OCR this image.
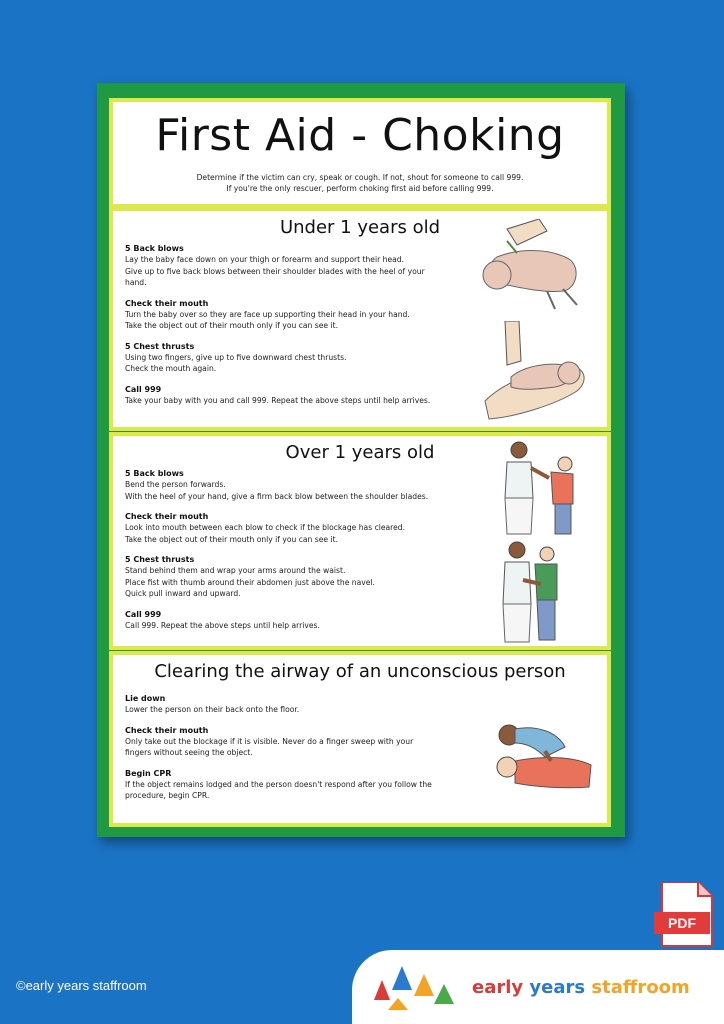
First Aid - Choking
Determine if the victim can cry, speak or cough. If not, shout for someone to call 999.
If you're the only rescuer, perform choking first aid before calling 999.
Under 1 years old
5 Back blows
Lay the baby face down on your thigh or forearm and support their head.
Give up to five back blows between their shoulder blades with the heel of your
hand.
Check their mouth
Turn the baby over so they are face up supporting their head in your hand.
Take the object out of their mouth only if you can see it.
5 Chest thrusts
Using two fingers, give up to five downward chest thrusts.
Check the mouth again.
Call 999
Take your baby with you and call 999. Repeat the above steps until help arrives.
Over 1 years old
5 Back blows
Bend the person forwards.
With the heel of your hand, give a firm back blow between the shoulder blades.
Check their mouth
Look into mouth between each blow to check if the blockage has cleared.
Take the object out of their mouth only if you can see it.
5 Chest thrusts
Stand behind them and wrap your arms around the waist.
Place fist with thumb around their abdomen just above the navel.
Quick pull inward and upward.
Call 999
Call 999. Repeat the above steps until help arrives.
Clearing the airway of an unconscious person
Lie down
Lower the person on their back onto the floor.
Check their mouth
Only take out the blockage if it is visible. Never do a finger sweep with your
fingers without seeing the object.
Begin CPR
If the object remains lodged and the person doesn't respond after you follow the
procedure, begin CPR.
©early years staffroom
PDF
early years staffroom
